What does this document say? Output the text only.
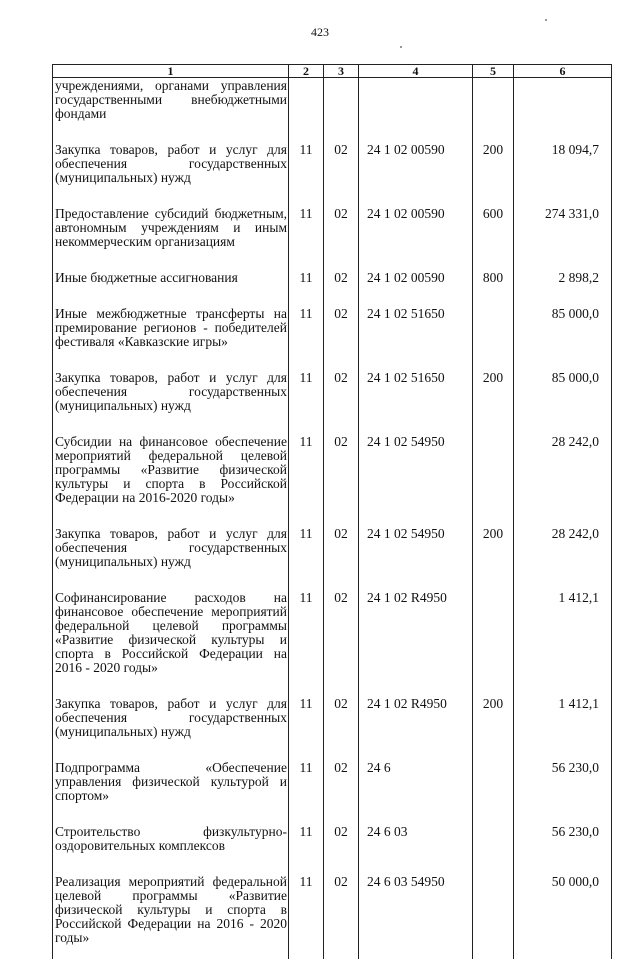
423
1	2	3	4	5	6

учреждениями, органами управления государственными внебюджетными фондами					

Закупка товаров, работ и услуг для обеспечения государственных (муниципальных) нужд	11	02	24 1 02 00590	200	18 094,7

Предоставление субсидий бюджетным, автономным учреждениям и иным некоммерческим организациям	11	02	24 1 02 00590	600	274 331,0

Иные бюджетные ассигнования	11	02	24 1 02 00590	800	2 898,2

Иные межбюджетные трансферты на премирование регионов - победителей фестиваля «Кавказские игры»	11	02	24 1 02 51650		85 000,0

Закупка товаров, работ и услуг для обеспечения государственных (муниципальных) нужд	11	02	24 1 02 51650	200	85 000,0

Субсидии на финансовое обеспечение мероприятий федеральной целевой программы «Развитие физической культуры и спорта в Российской Федерации на 2016-2020 годы»	11	02	24 1 02 54950		28 242,0

Закупка товаров, работ и услуг для обеспечения государственных (муниципальных) нужд	11	02	24 1 02 54950	200	28 242,0

Софинансирование расходов на финансовое обеспечение мероприятий федеральной целевой программы «Развитие физической культуры и спорта в Российской Федерации на 2016 - 2020 годы»	11	02	24 1 02 R4950		1 412,1

Закупка товаров, работ и услуг для обеспечения государственных (муниципальных) нужд	11	02	24 1 02 R4950	200	1 412,1

Подпрограмма «Обеспечение управления физической культурой и спортом»	11	02	24 6		56 230,0

Строительство физкультурно-оздоровительных комплексов	11	02	24 6 03		56 230,0

Реализация мероприятий федеральной целевой программы «Развитие физической культуры и спорта в Российской Федерации на 2016 - 2020 годы»	11	02	24 6 03 54950		50 000,0
